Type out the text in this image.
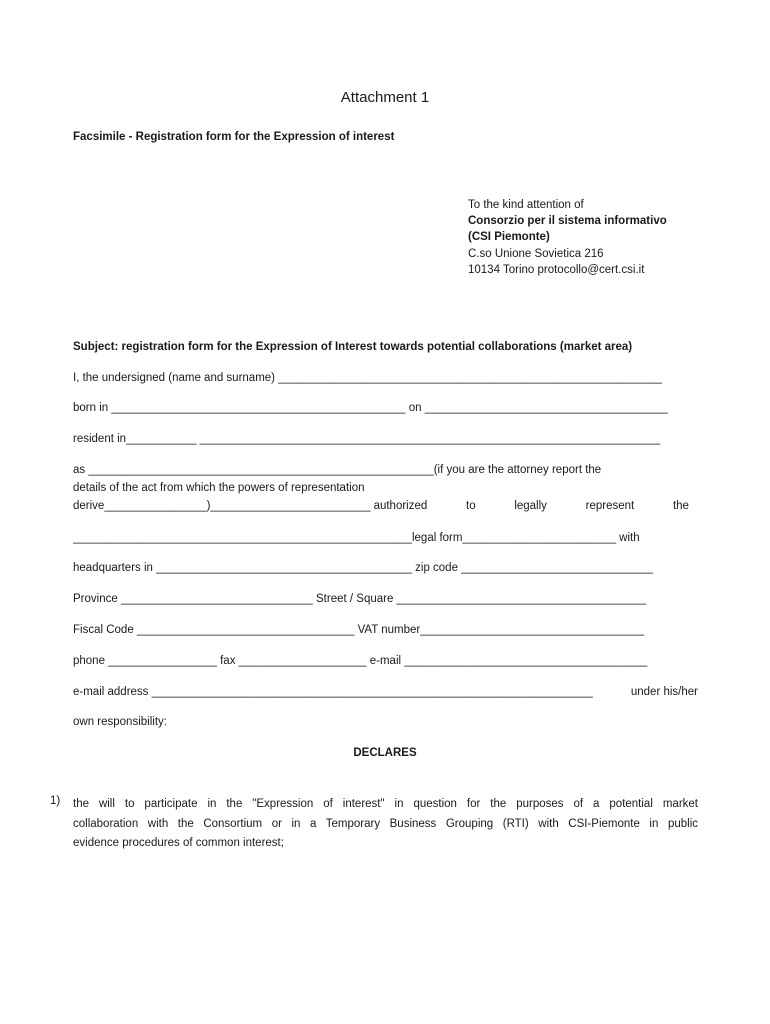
Attachment 1
Facsimile - Registration form for the Expression of interest
To the kind attention of
Consorzio per il sistema informativo
(CSI Piemonte)
C.so Unione Sovietica 216
10134 Torino protocollo@cert.csi.it
Subject: registration form for the Expression of Interest towards potential collaborations (market area)
I, the undersigned (name and surname) ____________________________________________________________
born in ______________________________________________ on ______________________________________
resident in___________ ________________________________________________________________________
as ______________________________________________________(if you are the attorney report the
details of the act from which the powers of representation
derive________________)_________________________ authorized	to	legally	represent	the
_____________________________________________________legal form________________________ with
headquarters in ________________________________________ zip code ______________________________
Province ______________________________ Street / Square _______________________________________
Fiscal Code __________________________________ VAT number___________________________________
phone _________________ fax ____________________ e-mail ______________________________________
e-mail address _____________________________________________________________________	under his/her
own responsibility:
DECLARES
1) the will to participate in the "Expression of interest" in question for the purposes of a potential market
collaboration with the Consortium or in a Temporary Business Grouping (RTI) with CSI-Piemonte in public
evidence procedures of common interest;
